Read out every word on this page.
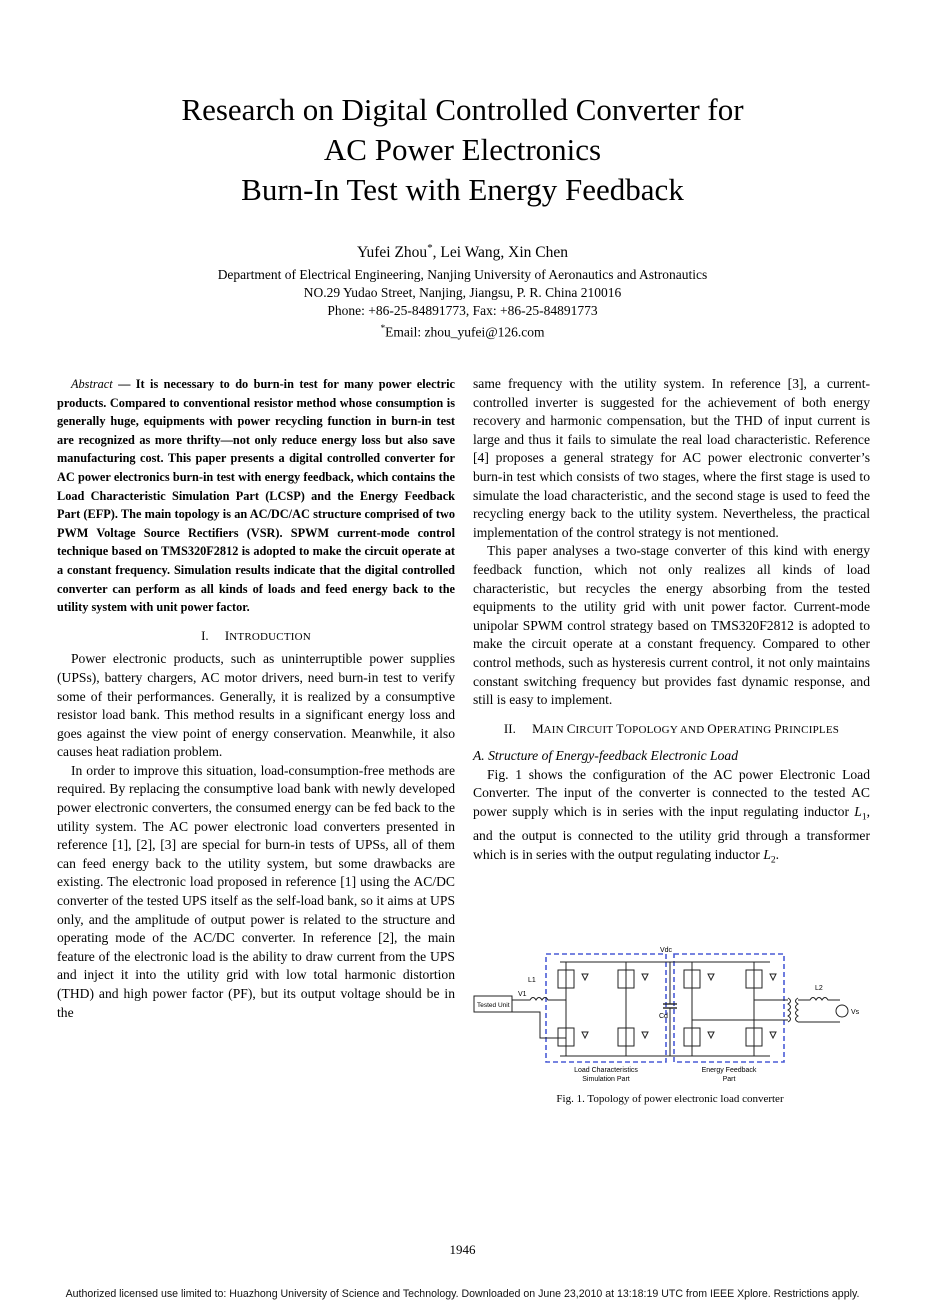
Research on Digital Controlled Converter for
AC Power Electronics
Burn-In Test with Energy Feedback
Yufei Zhou*, Lei Wang, Xin Chen
Department of Electrical Engineering, Nanjing University of Aeronautics and Astronautics
NO.29 Yudao Street, Nanjing, Jiangsu, P. R. China 210016
Phone: +86-25-84891773, Fax: +86-25-84891773
*Email: zhou_yufei@126.com

Abstract — It is necessary to do burn-in test for many power electric products. Compared to conventional resistor method whose consumption is generally huge, equipments with power recycling function in burn-in test are recognized as more thrifty—not only reduce energy loss but also save manufacturing cost. This paper presents a digital controlled converter for AC power electronics burn-in test with energy feedback, which contains the Load Characteristic Simulation Part (LCSP) and the Energy Feedback Part (EFP). The main topology is an AC/DC/AC structure comprised of two PWM Voltage Source Rectifiers (VSR). SPWM current-mode control technique based on TMS320F2812 is adopted to make the circuit operate at a constant frequency. Simulation results indicate that the digital controlled converter can perform as all kinds of loads and feed energy back to the utility system with unit power factor.

I. INTRODUCTION

Power electronic products, such as uninterruptible power supplies (UPSs), battery chargers, AC motor drivers, need burn-in test to verify some of their performances. Generally, it is realized by a consumptive resistor load bank. This method results in a significant energy loss and goes against the view point of energy conservation. Meanwhile, it also causes heat radiation problem.

In order to improve this situation, load-consumption-free methods are required. By replacing the consumptive load bank with newly developed power electronic converters, the consumed energy can be fed back to the utility system. The AC power electronic load converters presented in reference [1], [2], [3] are special for burn-in tests of UPSs, all of them can feed energy back to the utility system, but some drawbacks are existing. The electronic load proposed in reference [1] using the AC/DC converter of the tested UPS itself as the self-load bank, so it aims at UPS only, and the amplitude of output power is related to the structure and operating mode of the AC/DC converter. In reference [2], the main feature of the electronic load is the ability to draw current from the UPS and inject it into the utility grid with low total harmonic distortion (THD) and high power factor (PF), but its output voltage should be in the

same frequency with the utility system. In reference [3], a current-controlled inverter is suggested for the achievement of both energy recovery and harmonic compensation, but the THD of input current is large and thus it fails to simulate the real load characteristic. Reference [4] proposes a general strategy for AC power electronic converter’s burn-in test which consists of two stages, where the first stage is used to simulate the load characteristic, and the second stage is used to feed the recycling energy back to the utility system. Nevertheless, the practical implementation of the control strategy is not mentioned.

This paper analyses a two-stage converter of this kind with energy feedback function, which not only realizes all kinds of load characteristic, but recycles the energy absorbing from the tested equipments to the utility grid with unit power factor. Current-mode unipolar SPWM control strategy based on TMS320F2812 is adopted to make the circuit operate at a constant frequency. Compared to other control methods, such as hysteresis current control, it not only maintains constant switching frequency but provides fast dynamic response, and still is easy to implement.

II. MAIN CIRCUIT TOPOLOGY AND OPERATING PRINCIPLES
A. Structure of Energy-feedback Electronic Load

Fig. 1 shows the configuration of the AC power Electronic Load Converter. The input of the converter is connected to the tested AC power supply which is in series with the input regulating inductor $L_1$, and the output is connected to the utility grid through a transformer which is in series with the output regulating inductor $L_2$.

Vdc
Cd
Tested Unit
V1
L1
L2
Vs
Load Characteristics
Simulation Part
Energy Feedback
Part
Fig. 1. Topology of power electronic load converter
1946
Authorized licensed use limited to: Huazhong University of Science and Technology. Downloaded on June 23,2010 at 13:18:19 UTC from IEEE Xplore. Restrictions apply.
